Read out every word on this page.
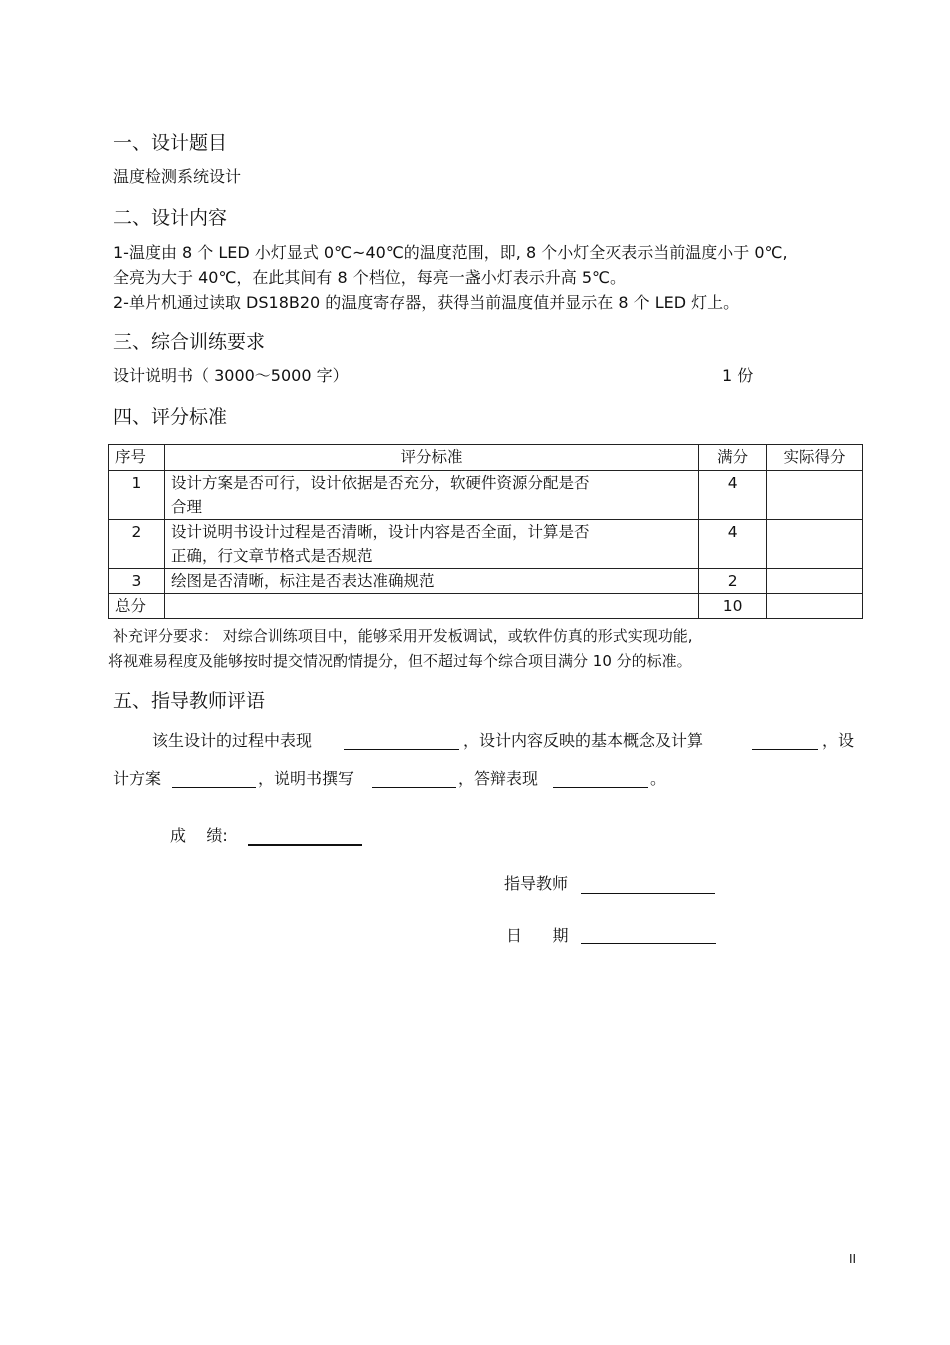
一、设计题目
温度检测系统设计
二、设计内容
1-温度由 8 个 LED 小灯显式 0℃~40℃的温度范围，即, 8 个小灯全灭表示当前温度小于 0℃,
全亮为大于 40℃，在此其间有 8 个档位，每亮一盏小灯表示升高 5℃。
2-单片机通过读取 DS18B20 的温度寄存器，获得当前温度值并显示在 8 个 LED 灯上。
三、综合训练要求
设计说明书（ 3000～5000 字）	1 份
四、评分标准
序号	评分标准	满分	实际得分
1	设计方案是否可行，设计依据是否充分，软硬件资源分配是否
合理	4	
2	设计说明书设计过程是否清晰，设计内容是否全面，计算是否
正确，行文章节格式是否规范	4	
3	绘图是否清晰，标注是否表达准确规范	2	
总分		10	
补充评分要求： 对综合训练项目中，能够采用开发板调试，或软件仿真的形式实现功能,
将视难易程度及能够按时提交情况酌情提分，但不超过每个综合项目满分 10 分的标准。
五、指导教师评语
该生设计的过程中表现	，设计内容反映的基本概念及计算	，设
计方案	，说明书撰写	，答辩表现	。
成    绩:
指导教师
日      期
II
